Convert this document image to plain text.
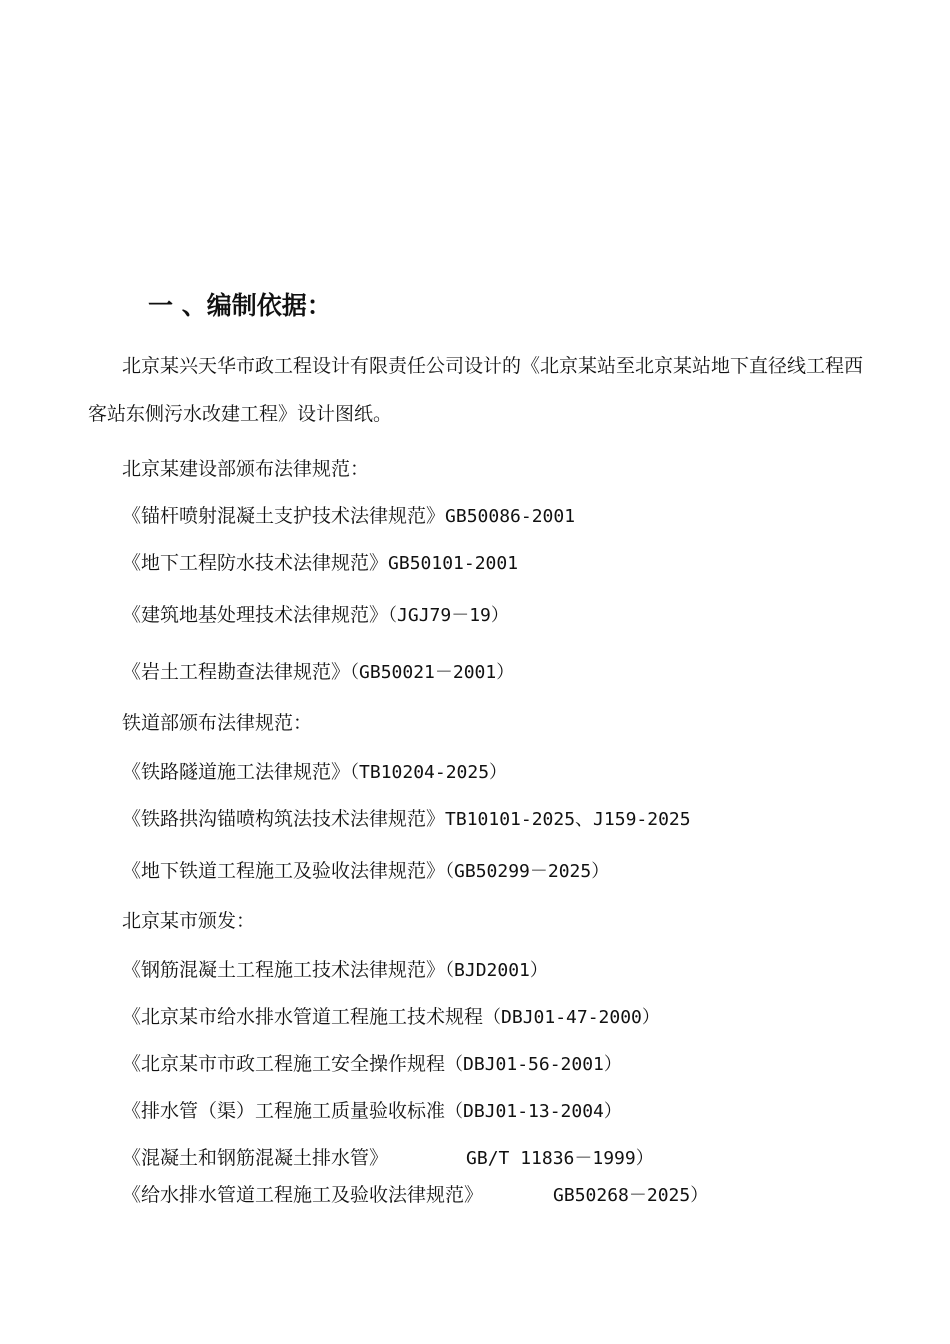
一 、编制依据：
北京某兴天华市政工程设计有限责任公司设计的《北京某站至北京某站地下直径线工程西客站东侧污水改建工程》设计图纸。
北京某建设部颁布法律规范：
《锚杆喷射混凝土支护技术法律规范》GB50086-2001
《地下工程防水技术法律规范》GB50101-2001
《建筑地基处理技术法律规范》（JGJ79－19）
《岩土工程勘查法律规范》（GB50021－2001）
铁道部颁布法律规范：
《铁路隧道施工法律规范》（TB10204-2025）
《铁路拱沟锚喷构筑法技术法律规范》TB10101-2025、J159-2025
《地下铁道工程施工及验收法律规范》（GB50299－2025）
北京某市颁发：
《钢筋混凝土工程施工技术法律规范》（BJD2001）
《北京某市给水排水管道工程施工技术规程（DBJ01-47-2000）
《北京某市市政工程施工安全操作规程（DBJ01-56-2001）
《排水管（渠）工程施工质量验收标准（DBJ01-13-2004）
《混凝土和钢筋混凝土排水管》	GB/T 11836－1999）
《给水排水管道工程施工及验收法律规范》	GB50268－2025）
